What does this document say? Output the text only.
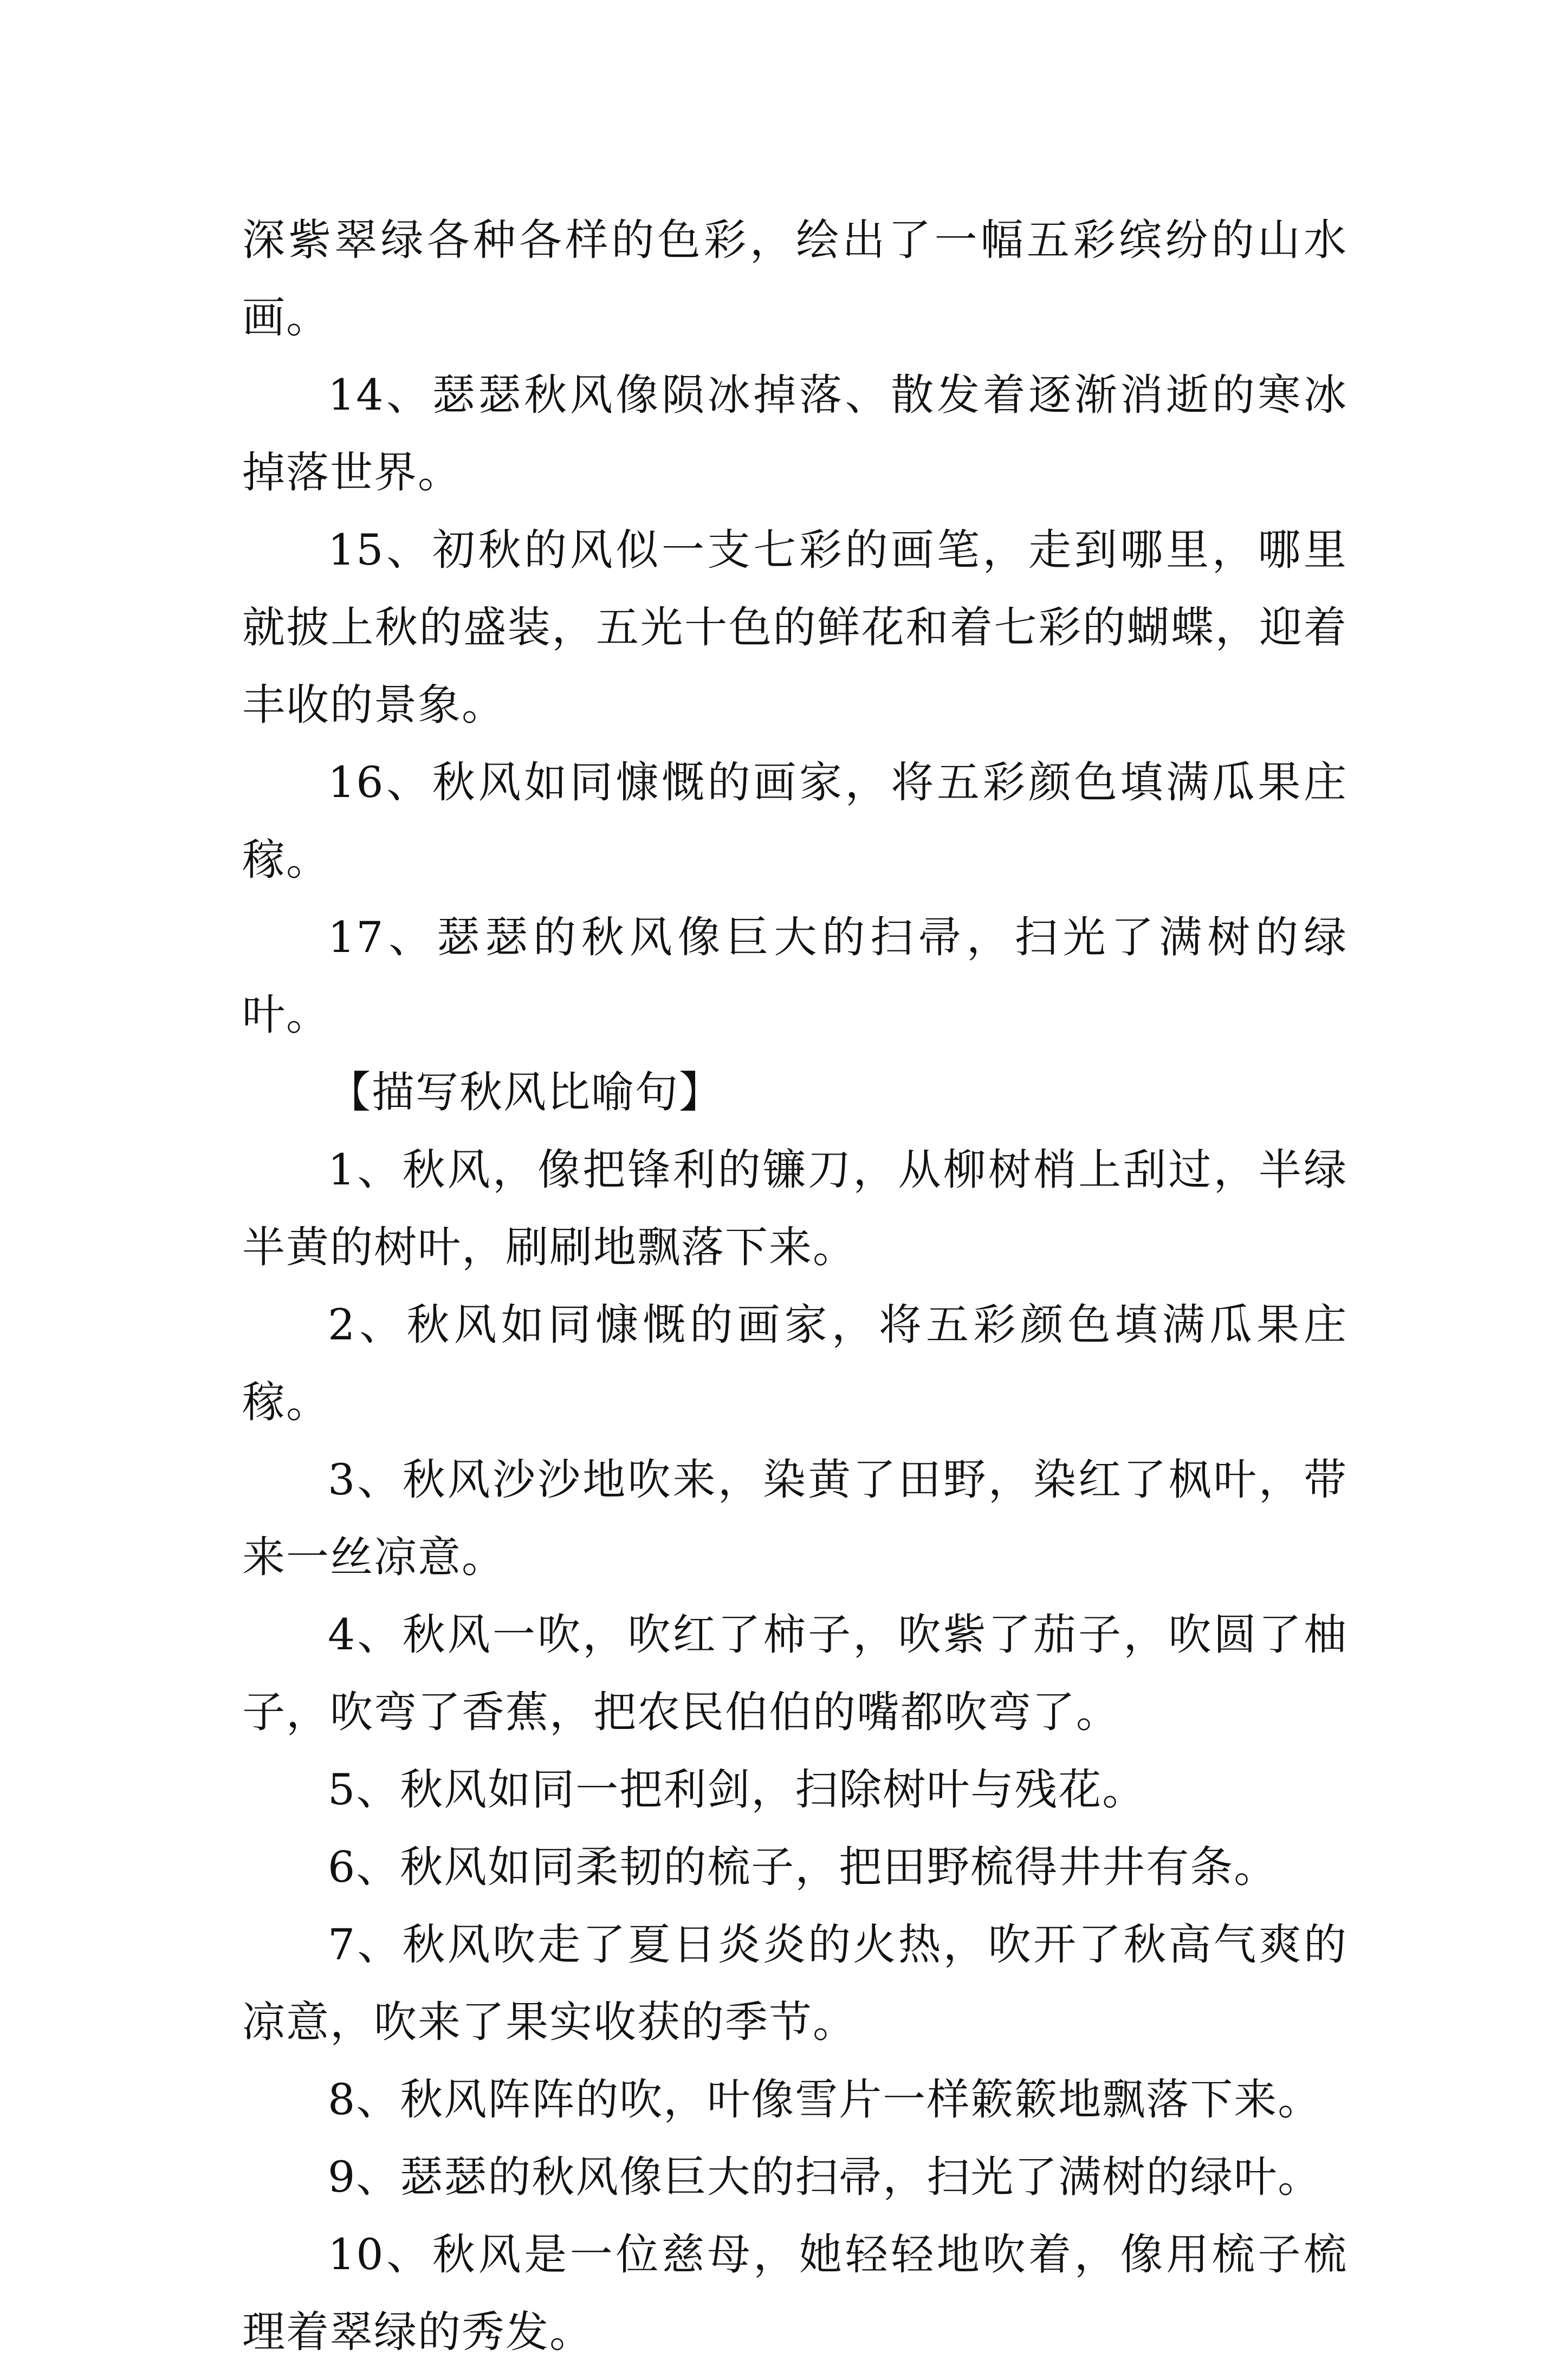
深紫翠绿各种各样的色彩，绘出了一幅五彩缤纷的山水画。

14、瑟瑟秋风像陨冰掉落、散发着逐渐消逝的寒冰掉落世界。

15、初秋的风似一支七彩的画笔，走到哪里，哪里就披上秋的盛装，五光十色的鲜花和着七彩的蝴蝶，迎着丰收的景象。

16、秋风如同慷慨的画家，将五彩颜色填满瓜果庄稼。

17、瑟瑟的秋风像巨大的扫帚，扫光了满树的绿叶。

【描写秋风比喻句】

1、秋风，像把锋利的镰刀，从柳树梢上刮过，半绿半黄的树叶，刷刷地飘落下来。

2、秋风如同慷慨的画家，将五彩颜色填满瓜果庄稼。

3、秋风沙沙地吹来，染黄了田野，染红了枫叶，带来一丝凉意。

4、秋风一吹，吹红了柿子，吹紫了茄子，吹圆了柚子，吹弯了香蕉，把农民伯伯的嘴都吹弯了。

5、秋风如同一把利剑，扫除树叶与残花。

6、秋风如同柔韧的梳子，把田野梳得井井有条。

7、秋风吹走了夏日炎炎的火热，吹开了秋高气爽的凉意，吹来了果实收获的季节。

8、秋风阵阵的吹，叶像雪片一样簌簌地飘落下来。

9、瑟瑟的秋风像巨大的扫帚，扫光了满树的绿叶。

10、秋风是一位慈母，她轻轻地吹着，像用梳子梳理着翠绿的秀发。
